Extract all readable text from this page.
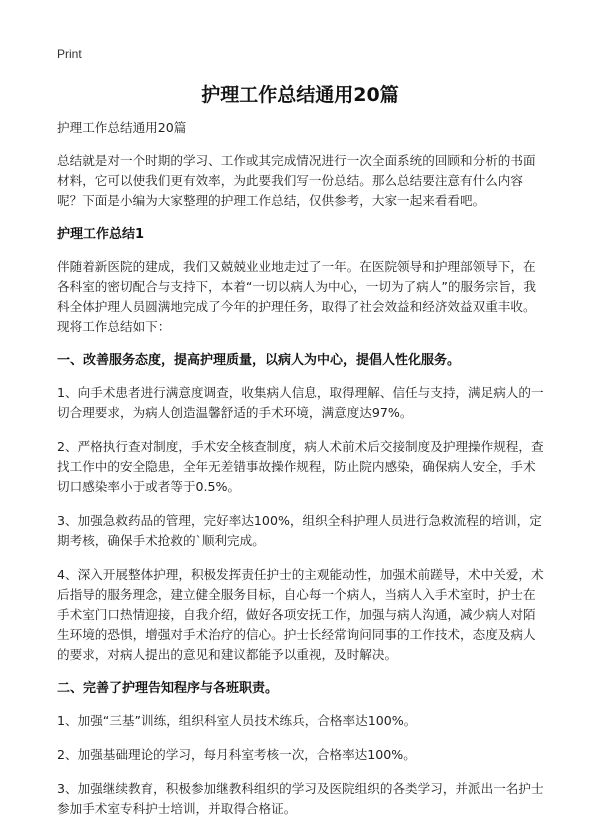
Print
护理工作总结通用20篇

护理工作总结通用20篇

总结就是对一个时期的学习、工作或其完成情况进行一次全面系统的回顾和分析的书面材料，它可以使我们更有效率，为此要我们写一份总结。那么总结要注意有什么内容呢？下面是小编为大家整理的护理工作总结，仅供参考，大家一起来看看吧。

护理工作总结1

伴随着新医院的建成，我们又兢兢业业地走过了一年。在医院领导和护理部领导下，在各科室的密切配合与支持下，本着“一切以病人为中心，一切为了病人”的服务宗旨，我科全体护理人员圆满地完成了今年的护理任务，取得了社会效益和经济效益双重丰收。现将工作总结如下：

一、改善服务态度，提高护理质量，以病人为中心，提倡人性化服务。

1、向手术患者进行满意度调查，收集病人信息，取得理解、信任与支持，满足病人的一切合理要求，为病人创造温馨舒适的手术环境，满意度达97%。

2、严格执行查对制度，手术安全核查制度，病人术前术后交接制度及护理操作规程，查找工作中的安全隐患，全年无差错事故操作规程，防止院内感染，确保病人安全，手术切口感染率小于或者等于0.5%。

3、加强急救药品的管理，完好率达100%，组织全科护理人员进行急救流程的培训，定期考核，确保手术抢救的`顺利完成。

4、深入开展整体护理，积极发挥责任护士的主观能动性，加强术前蹉导，术中关爱，术后指导的服务理念，建立健全服务目标，自心每一个病人，当病人入手术室时，护士在手术室门口热情迎接，自我介绍，做好各项安抚工作，加强与病人沟通，减少病人对陌生环境的恐惧，增强对手术治疗的信心。护士长经常询问同事的工作技术，态度及病人的要求，对病人提出的意见和建议都能予以重视，及时解决。

二、完善了护理告知程序与各班职责。

1、加强“三基”训练，组织科室人员技术练兵，合格率达100%。

2、加强基础理论的学习，每月科室考核一次，合格率达100%。

3、加强继续教育，积极参加继教科组织的学习及医院组织的各类学习，并派出一名护士参加手术室专科护士培训，并取得合格证。
